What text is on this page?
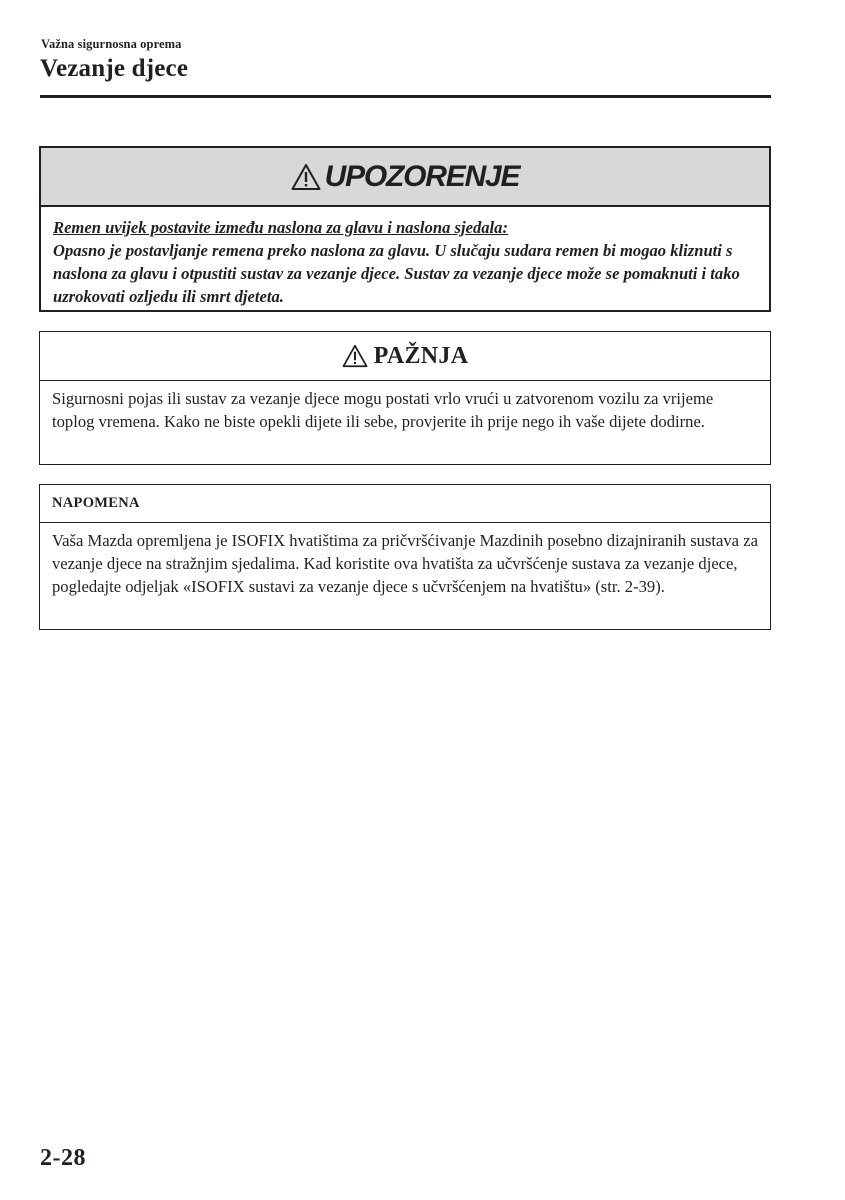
Važna sigurnosna oprema
Vezanje djece
UPOZORENJE
Remen uvijek postavite između naslona za glavu i naslona sjedala:
Opasno je postavljanje remena preko naslona za glavu. U slučaju sudara remen bi mogao kliznuti s naslona za glavu i otpustiti sustav za vezanje djece. Sustav za vezanje djece može se pomaknuti i tako uzrokovati ozljedu ili smrt djeteta.
PAŽNJA
Sigurnosni pojas ili sustav za vezanje djece mogu postati vrlo vrući u zatvorenom vozilu za vrijeme toplog vremena. Kako ne biste opekli dijete ili sebe, provjerite ih prije nego ih vaše dijete dodirne.
NAPOMENA
Vaša Mazda opremljena je ISOFIX hvatištima za pričvršćivanje Mazdinih posebno dizajniranih sustava za vezanje djece na stražnjim sjedalima. Kad koristite ova hvatišta za učvršćenje sustava za vezanje djece, pogledajte odjeljak «ISOFIX sustavi za vezanje djece s učvršćenjem na hvatištu» (str. 2-39).
2-28
